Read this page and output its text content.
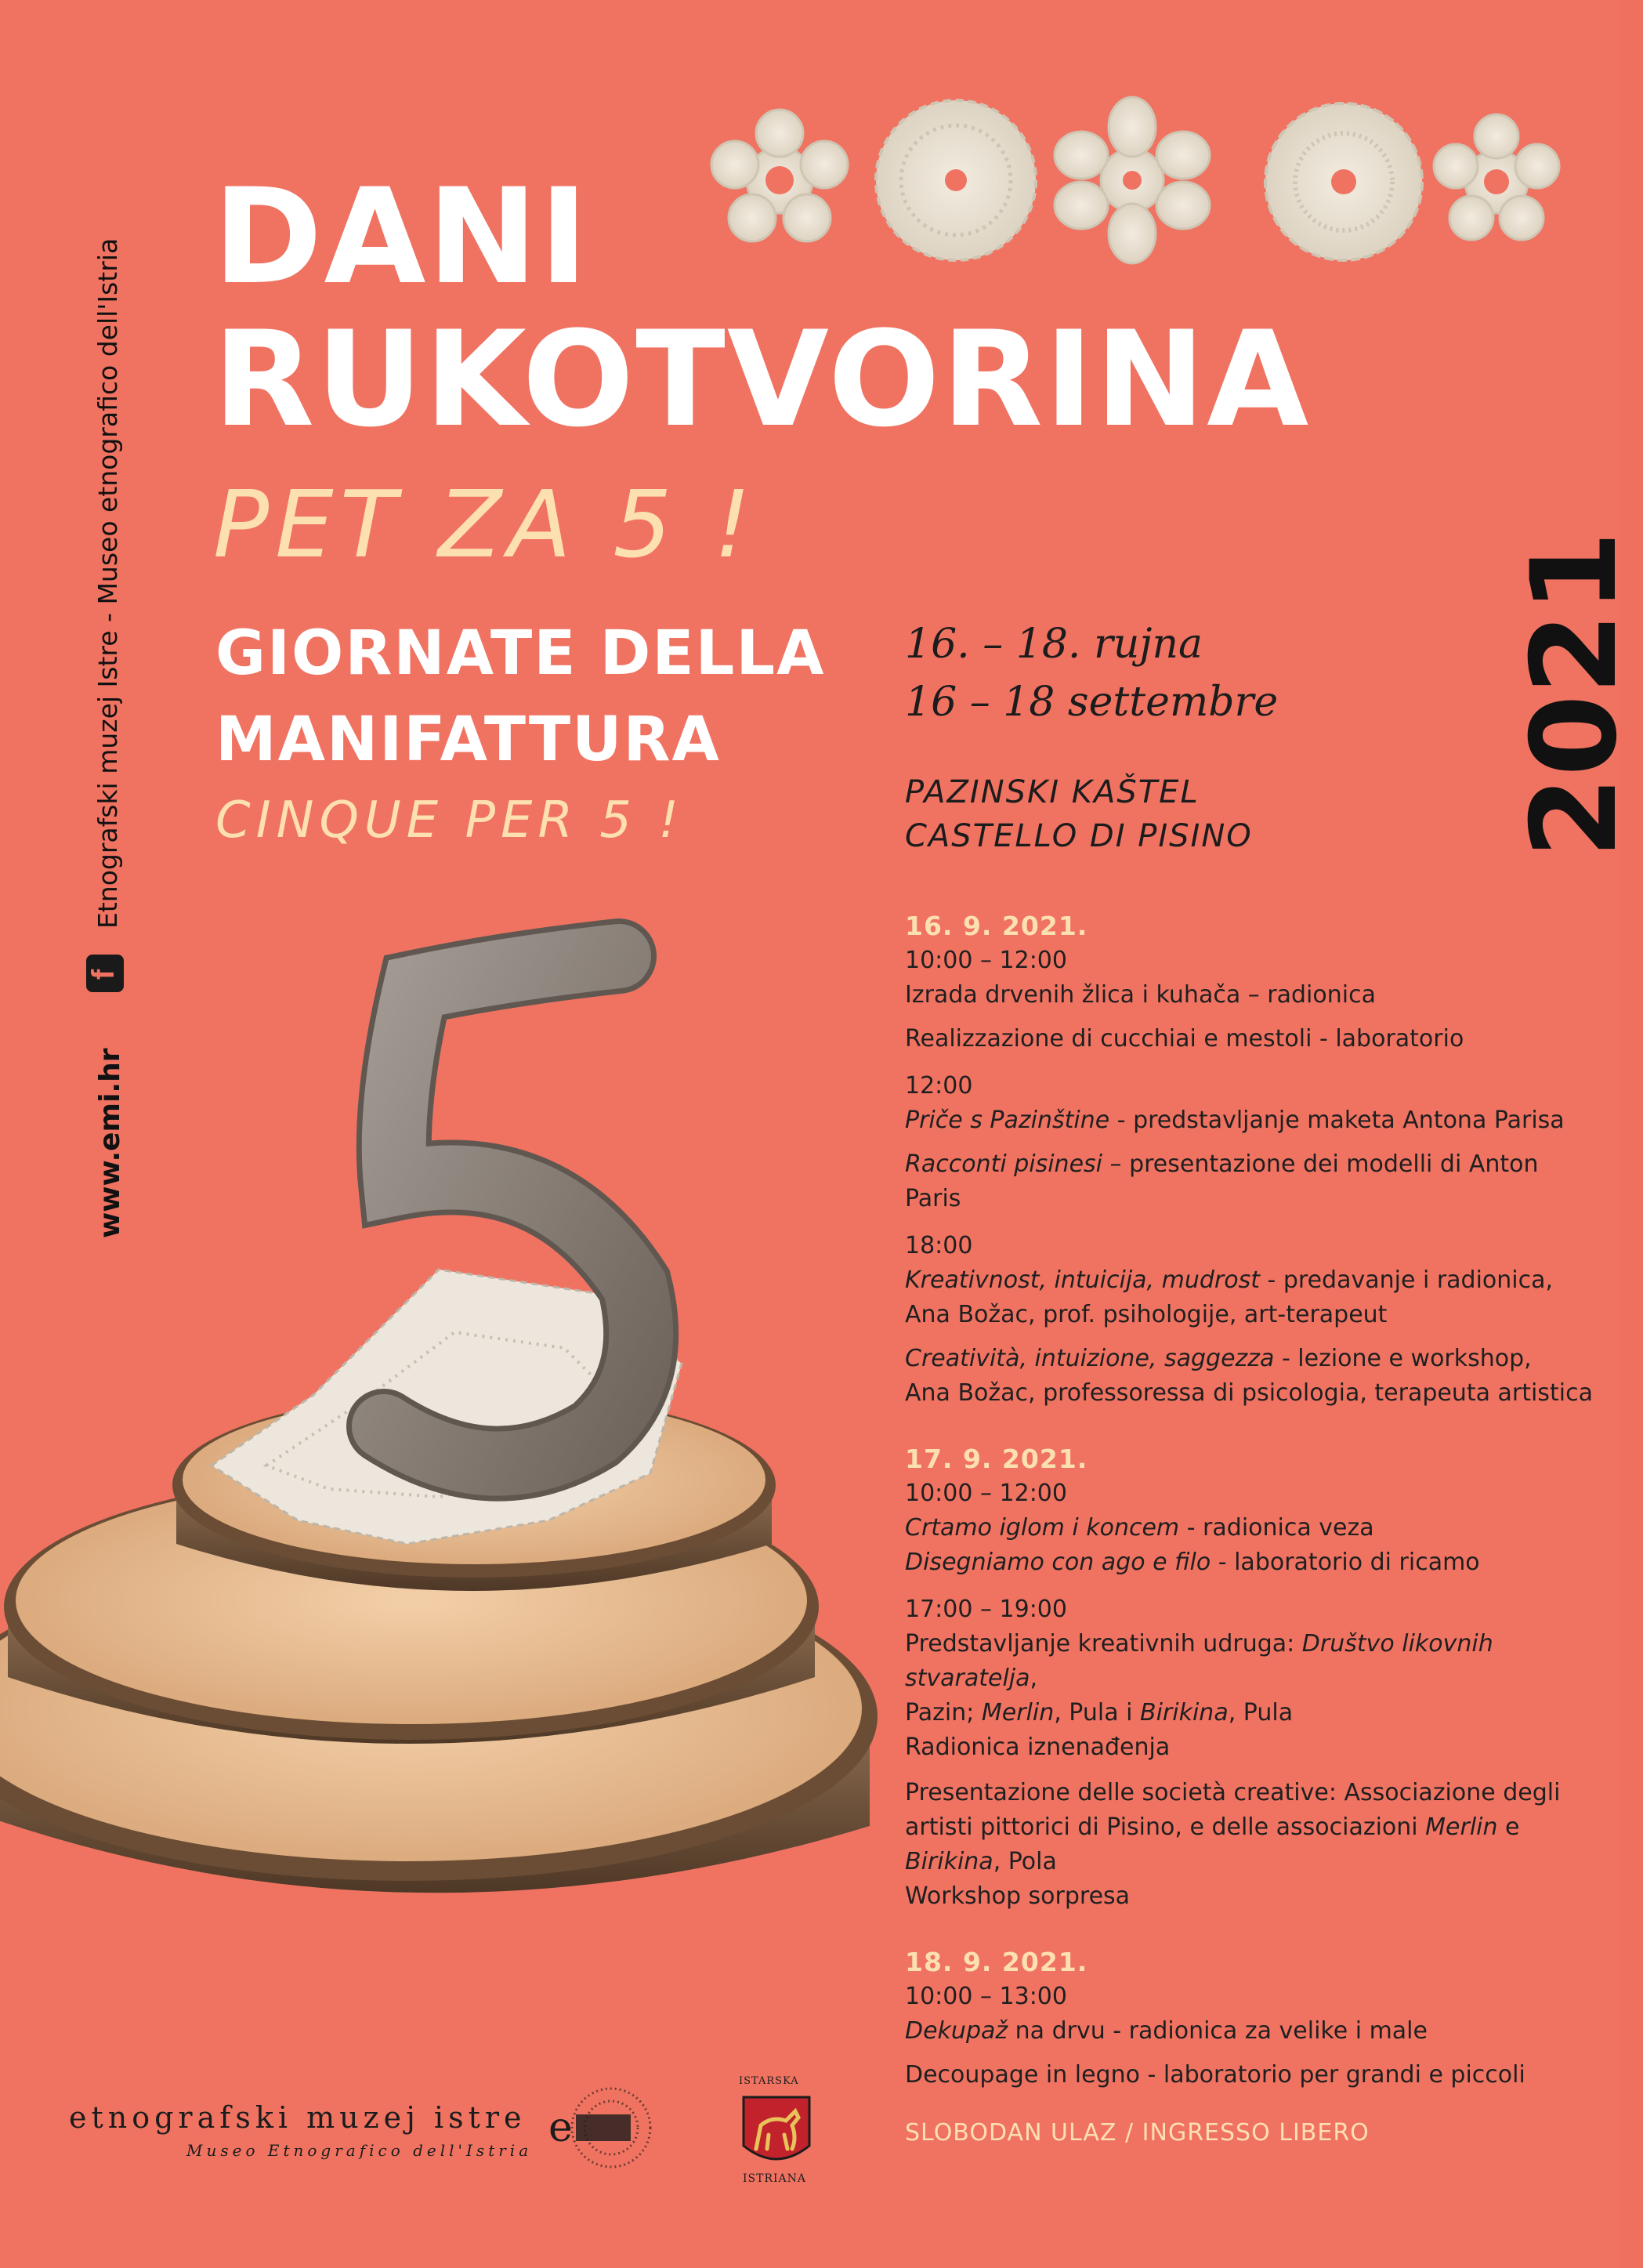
DANI
RUKOTVORINA
PET ZA 5 !
GIORNATE DELLA
MANIFATTURA
CINQUE PER 5 !
16. – 18. rujna
16 – 18 settembre
PAZINSKI KAŠTEL
CASTELLO DI PISINO 2021
Etnografski muzej Istre - Museo etnografico dell'Istria
f
www.emi.hr
16. 9. 2021.
10:00 – 12:00
Izrada drvenih žlica i kuhača – radionica
Realizzazione di cucchiai e mestoli - laboratorio
12:00
Priče s Pazinštine - predstavljanje maketa Antona Parisa
Racconti pisinesi – presentazione dei modelli di Anton Paris
18:00
Kreativnost, intuicija, mudrost - predavanje i radionica,
Ana Božac, prof. psihologije, art-terapeut
Creatività, intuizione, saggezza - lezione e workshop,
Ana Božac, professoressa di psicologia, terapeuta artistica
17. 9. 2021.
10:00 – 12:00
Crtamo iglom i koncem - radionica veza
Disegniamo con ago e filo - laboratorio di ricamo
17:00 – 19:00
Predstavljanje kreativnih udruga: Društvo likovnih stvaratelja,
Pazin; Merlin, Pula i Birikina, Pula
Radionica iznenađenja
Presentazione delle società creative: Associazione degli
artisti pittorici di Pisino, e delle associazioni Merlin e
Birikina, Pola
Workshop sorpresa
18. 9. 2021.
10:00 – 13:00
Dekupaž na drvu - radionica za velike i male
Decoupage in legno - laboratorio per grandi e piccoli
SLOBODAN ULAZ / INGRESSO LIBERO
etnografski muzej istre
Museo Etnografico dell'Istria e
ISTARSKA
ISTRIANA
